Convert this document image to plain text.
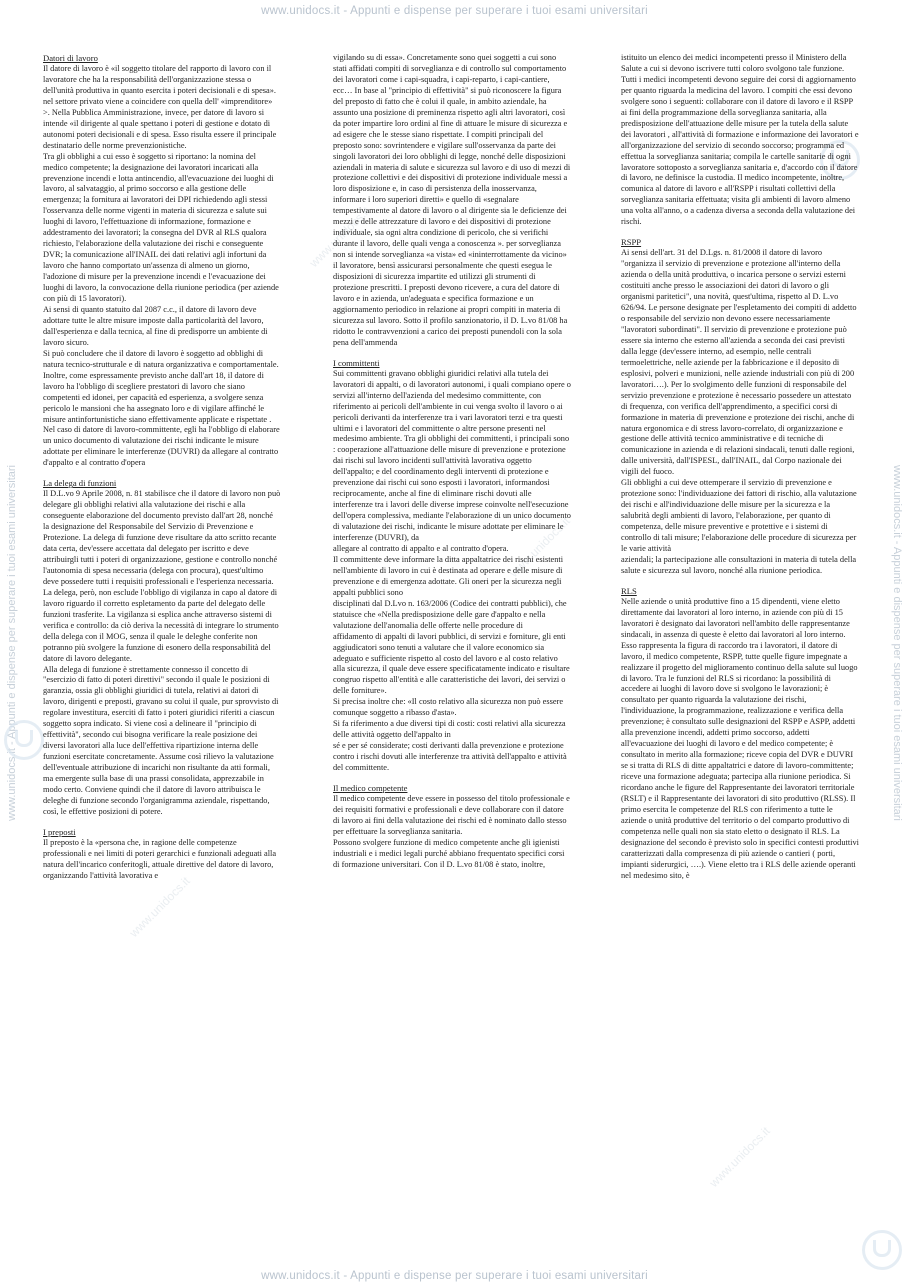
www.unidocs.it - Appunti e dispense per superare i tuoi esami universitari
www.unidocs.it - Appunti e dispense per superare i tuoi esami universitari
www.unidocs.it - Appunti e dispense per superare i tuoi esami universitari	www.unidocs.it - Appunti e dispense per superare i tuoi esami universitari
www.unidocs.it
www.unidocs.it
www.unidocs.it
www.unidocs.it
Datori di lavoro

Il datore di lavoro è «il soggetto titolare del rapporto di lavoro con il lavoratore che ha la responsabilità dell'organizzazione stessa o dell'unità produttiva in quanto esercita i poteri decisionali e di spesa». nel settore privato viene a coincidere con quella dell' «imprenditore» >. Nella Pubblica Amministrazione, invece, per datore di lavoro si intende «il dirigente al quale spettano i poteri di gestione e dotato di autonomi poteri decisionali e di spesa. Esso risulta essere il principale destinatario delle norme prevenzionistiche.

Tra gli obblighi a cui esso è soggetto si riportano: la nomina del medico competente; la designazione dei lavoratori incaricati alla prevenzione incendi e lotta antincendio, all'evacuazione dei luoghi di lavoro, al salvataggio, al primo soccorso e alla gestione delle emergenza; la fornitura ai lavoratori dei DPI richiedendo agli stessi l'osservanza delle norme vigenti in materia di sicurezza e salute sui luoghi di lavoro, l'effettuazione di informazione, formazione e addestramento dei lavoratori; la consegna del DVR al RLS qualora richiesto, l'elaborazione della valutazione dei rischi e conseguente DVR; la comunicazione all'INAIL dei dati relativi agli infortuni da lavoro che hanno comportato un'assenza di almeno un giorno, l'adozione di misure per la prevenzione incendi e l'evacuazione dei luoghi di lavoro, la convocazione della riunione periodica (per aziende con più di 15 lavoratori).

Ai sensi di quanto statuito dal 2087 c.c., il datore di lavoro deve adottare tutte le altre misure imposte dalla particolarità del lavoro, dall'esperienza e dalla tecnica, al fine di predisporre un ambiente di lavoro sicuro.

Si può concludere che il datore di lavoro è soggetto ad obblighi di natura tecnico-strutturale e di natura organizzativa e comportamentale.

Inoltre, come espressamente previsto anche dall'art 18, il datore di lavoro ha l'obbligo di scegliere prestatori di lavoro che siano competenti ed idonei, per capacità ed esperienza, a svolgere senza pericolo le mansioni che ha assegnato loro e di vigilare affinché le misure antinfortunistiche siano effettivamente applicate e rispettate .

Nel caso di datore di lavoro-committente, egli ha l'obbligo di elaborare un unico documento di valutazione dei rischi indicante le misure adottate per eliminare le interferenze (DUVRI) da allegare al contratto d'appalto e al contratto d'opera

La delega di funzioni

Il D.L.vo 9 Aprile 2008, n. 81 stabilisce che il datore di lavoro non può delegare gli obblighi relativi alla valutazione dei rischi e alla conseguente elaborazione del documento previsto dall'art 28, nonché la designazione del Responsabile del Servizio di Prevenzione e Protezione. La delega di funzione deve risultare da atto scritto recante data certa, dev'essere accettata dal delegato per iscritto e deve attribuirgli tutti i poteri di organizzazione, gestione e controllo nonché l'autonomia di spesa necessaria (delega con procura), quest'ultimo deve possedere tutti i requisiti professionali e l'esperienza necessaria.

La delega, però, non esclude l'obbligo di vigilanza in capo al datore di lavoro riguardo il corretto espletamento da parte del delegato delle funzioni trasferite. La vigilanza si esplica anche attraverso sistemi di verifica e controllo: da ciò deriva la necessità di integrare lo strumento della delega con il MOG, senza il quale le deleghe conferite non potranno più svolgere la funzione di esonero della responsabilità del datore di lavoro delegante.

Alla delega di funzione è strettamente connesso il concetto di "esercizio di fatto di poteri direttivi" secondo il quale le posizioni di garanzia, ossia gli obblighi giuridici di tutela, relativi ai datori di lavoro, dirigenti e preposti, gravano su colui il quale, pur sprovvisto di regolare investitura, eserciti di fatto i poteri giuridici riferiti a ciascun soggetto sopra indicato. Si viene così a delineare il "principio di effettività", secondo cui bisogna verificare la reale posizione dei diversi lavoratori alla luce dell'effettiva ripartizione interna delle funzioni esercitate concretamente. Assume così rilievo la valutazione dell'eventuale attribuzione di incarichi non risultante da atti formali, ma emergente sulla base di una prassi consolidata, apprezzabile in modo certo. Conviene quindi che il datore di lavoro attribuisca le deleghe di funzione secondo l'organigramma aziendale, rispettando, così, le effettive posizioni di potere.

I preposti

Il preposto è la «persona che, in ragione delle competenze professionali e nei limiti di poteri gerarchici e funzionali adeguati alla natura dell'incarico conferitogli, attuale direttive del datore di lavoro, organizzando l'attività lavorativa e

vigilando su di essa». Concretamente sono quei soggetti a cui sono stati affidati compiti di sorveglianza e di controllo sul comportamento dei lavoratori come i capi-squadra, i capi-reparto, i capi-cantiere, ecc… In base al "principio di effettività" si può riconoscere la figura del preposto di fatto che è colui il quale, in ambito aziendale, ha assunto una posizione di preminenza rispetto agli altri lavoratori, così da poter impartire loro ordini al fine di attuare le misure di sicurezza e ad esigere che le stesse siano rispettate. I compiti principali del preposto sono: sovrintendere e vigilare sull'osservanza da parte dei singoli lavoratori dei loro obblighi di legge, nonché delle disposizioni aziendali in materia di salute e sicurezza sul lavoro e di uso di mezzi di protezione collettivi e dei dispositivi di protezione individuale messi a loro disposizione e, in caso di persistenza della inosservanza, informare i loro superiori diretti» e quello di «segnalare tempestivamente al datore di lavoro o al dirigente sia le deficienze dei mezzi e delle attrezzature di lavoro e dei dispositivi di protezione individuale, sia ogni altra condizione di pericolo, che si verifichi durante il lavoro, delle quali venga a conoscenza ». per sorveglianza non si intende sorveglianza «a vista» ed «ininterrottamente da vicino» il lavoratore, bensì assicurarsi personalmente che questi esegua le disposizioni di sicurezza impartite ed utilizzi gli strumenti di protezione prescritti. I preposti devono ricevere, a cura del datore di lavoro e in azienda, un'adeguata e specifica formazione e un aggiornamento periodico in relazione ai propri compiti in materia di sicurezza sul lavoro. Sotto il profilo sanzionatorio, il D. L.vo 81/08 ha ridotto le contravvenzioni a carico dei preposti punendoli con la sola pena dell'ammenda

I committenti

Sui committenti gravano obblighi giuridici relativi alla tutela dei lavoratori di appalti, o di lavoratori autonomi, i quali compiano opere o servizi all'interno dell'azienda del medesimo committente, con riferimento ai pericoli dell'ambiente in cui venga svolto il lavoro o ai pericoli derivanti da interferenze tra i vari lavoratori terzi e tra questi ultimi e i lavoratori del committente o altre persone presenti nel medesimo ambiente. Tra gli obblighi dei committenti, i principali sono : cooperazione all'attuazione delle misure di prevenzione e protezione dai rischi sul lavoro incidenti sull'attività lavorativa oggetto dell'appalto; e del coordinamento degli interventi di protezione e prevenzione dai rischi cui sono esposti i lavoratori, informandosi reciprocamente, anche al fine di eliminare rischi dovuti alle interferenze tra i lavori delle diverse imprese coinvolte nell'esecuzione dell'opera complessiva, mediante l'elaborazione di un unico documento di valutazione dei rischi, indicante le misure adottate per eliminare le interferenze (DUVRI), da

allegare al contratto di appalto e al contratto d'opera.

Il committente deve informare la ditta appaltatrice dei rischi esistenti nell'ambiente di lavoro in cui è destinata ad operare e delle misure di prevenzione e di emergenza adottate. Gli oneri per la sicurezza negli appalti pubblici sono

disciplinati dal D.Lvo n. 163/2006 (Codice dei contratti pubblici), che statuisce che «Nella predisposizione delle gare d'appalto e nella valutazione dell'anomalia delle offerte nelle procedure di

affidamento di appalti di lavori pubblici, di servizi e forniture, gli enti aggiudicatori sono tenuti a valutare che il valore economico sia adeguato e sufficiente rispetto al costo del lavoro e al costo relativo alla sicurezza, il quale deve essere specificatamente indicato e risultare congruo rispetto all'entità e alle caratteristiche dei lavori, dei servizi o delle forniture».

Si precisa inoltre che: «Il costo relativo alla sicurezza non può essere comunque soggetto a ribasso d'asta».

Si fa riferimento a due diversi tipi di costi: costi relativi alla sicurezza delle attività oggetto dell'appalto in

sé e per sé considerate; costi derivanti dalla prevenzione e protezione contro i rischi dovuti alle interferenze tra attività dell'appalto e attività del committente.

Il medico competente

Il medico competente deve essere in possesso del titolo professionale e dei requisiti formativi e professionali e deve collaborare con il datore di lavoro ai fini della valutazione dei rischi ed è nominato dallo stesso per effettuare la sorveglianza sanitaria.

Possono svolgere funzione di medico competente anche gli igienisti industriali e i medici legali purché abbiano frequentato specifici corsi di formazione universitari. Con il D. L.vo 81/08 è stato, inoltre,

istituito un elenco dei medici incompetenti presso il Ministero della Salute a cui si devono iscrivere tutti coloro svolgono tale funzione. Tutti i medici incompetenti devono seguire dei corsi di aggiornamento per quanto riguarda la medicina del lavoro. I compiti che essi devono svolgere sono i seguenti: collaborare con il datore di lavoro e il RSPP ai fini della programmazione della sorveglianza sanitaria, alla predisposizione dell'attuazione delle misure per la tutela della salute dei lavoratori , all'attività di formazione e informazione dei lavoratori e all'organizzazione del servizio di secondo soccorso; programma ed effettua la sorveglianza sanitaria; compila le cartelle sanitarie di ogni lavoratore sottoposto a sorveglianza sanitaria e, d'accordo con il datore di lavoro, ne definisce la custodia. Il medico incompetente, inoltre, comunica al datore di lavoro e all'RSPP i risultati collettivi della sorveglianza sanitaria effettuata; visita gli ambienti di lavoro almeno una volta all'anno, o a cadenza diversa a seconda della valutazione dei rischi.

RSPP

Ai sensi dell'art. 31 del D.Lgs. n. 81/2008 il datore di lavoro "organizza il servizio di prevenzione e protezione all'interno della azienda o della unità produttiva, o incarica persone o servizi esterni costituiti anche presso le associazioni dei datori di lavoro o gli organismi paritetici", una novità, quest'ultima, rispetto al D. L.vo 626/94. Le persone designate per l'espletamento dei compiti di addetto o responsabile del servizio non devono essere necessariamente "lavoratori subordinati". Il servizio di prevenzione e protezione può essere sia interno che esterno all'azienda a seconda dei casi previsti dalla legge (dev'essere interno, ad esempio, nelle centrali termoelettriche, nelle aziende per la fabbricazione e il deposito di esplosivi, polveri e munizioni, nelle aziende industriali con più di 200 lavoratori….). Per lo svolgimento delle funzioni di responsabile del servizio prevenzione e protezione è necessario possedere un attestato di frequenza, con verifica dell'apprendimento, a specifici corsi di formazione in materia di prevenzione e protezione dei rischi, anche di natura ergonomica e di stress lavoro-correlato, di organizzazione e gestione delle attività tecnico amministrative e di tecniche di comunicazione in azienda e di relazioni sindacali, tenuti dalle regioni, dalle università, dall'ISPESL, dall'INAIL, dal Corpo nazionale dei vigili del fuoco.

Gli obblighi a cui deve ottemperare il servizio di prevenzione e protezione sono: l'individuazione dei fattori di rischio, alla valutazione dei rischi e all'individuazione delle misure per la sicurezza e la salubrità degli ambienti di lavoro, l'elaborazione, per quanto di competenza, delle misure preventive e protettive e i sistemi di controllo di tali misure; l'elaborazione delle procedure di sicurezza per le varie attività

aziendali; la partecipazione alle consultazioni in materia di tutela della salute e sicurezza sul lavoro, nonché alla riunione periodica.

RLS

Nelle aziende o unità produttive fino a 15 dipendenti, viene eletto direttamente dai lavoratori al loro interno, in aziende con più di 15 lavoratori è designato dai lavoratori nell'ambito delle rappresentanze sindacali, in assenza di queste è eletto dai lavoratori al loro interno. Esso rappresenta la figura di raccordo tra i lavoratori, il datore di lavoro, il medico competente, RSPP, tutte quelle figure impegnate a realizzare il progetto del miglioramento continuo della salute sul luogo di lavoro. Tra le funzioni del RLS si ricordano: la possibilità di accedere ai luoghi di lavoro dove si svolgono le lavorazioni; è consultato per quanto riguarda la valutazione dei rischi, l'individuazione, la programmazione, realizzazione e verifica della prevenzione; è consultato sulle designazioni del RSPP e ASPP, addetti alla prevenzione incendi, addetti primo soccorso, addetti all'evacuazione dei luoghi di lavoro e del medico competente; è consultato in merito alla formazione; riceve copia del DVR e DUVRI se si tratta di RLS di ditte appaltatrici e datore di lavoro-committente; riceve una formazione adeguata; partecipa alla riunione periodica. Si ricordano anche le figure del Rappresentante dei lavoratori territoriale (RSLT) e il Rappresentante dei lavoratori di sito produttivo (RLSS). Il primo esercita le competenze del RLS con riferimento a tutte le aziende o unità produttive del territorio o del comparto produttivo di competenza nelle quali non sia stato eletto o designato il RLS. La designazione del secondo è previsto solo in specifici contesti produttivi caratterizzati dalla compresenza di più aziende o cantieri ( porti, impianti siderurgici, ….). Viene eletto tra i RLS delle aziende operanti nel medesimo sito, è
